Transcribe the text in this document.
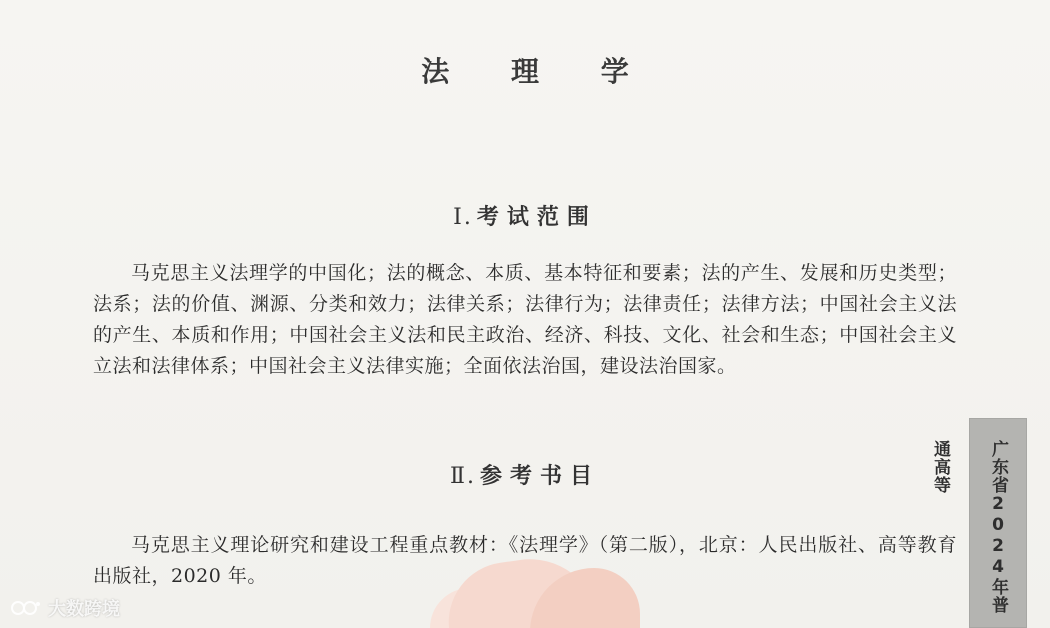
法 理 学
Ⅰ. 考试范围
马克思主义法理学的中国化；法的概念、本质、基本特征和要素；法的产生、发展和历史类型；法系；法的价值、渊源、分类和效力；法律关系；法律行为；法律责任；法律方法；中国社会主义法的产生、本质和作用；中国社会主义法和民主政治、经济、科技、文化、社会和生态；中国社会主义立法和法律体系；中国社会主义法律实施；全面依法治国，建设法治国家。
Ⅱ. 参考书目
马克思主义理论研究和建设工程重点教材：《法理学》（第二版），北京：人民出版社、高等教育出版社，2020 年。	广东省2024年普通高等
大数跨境
